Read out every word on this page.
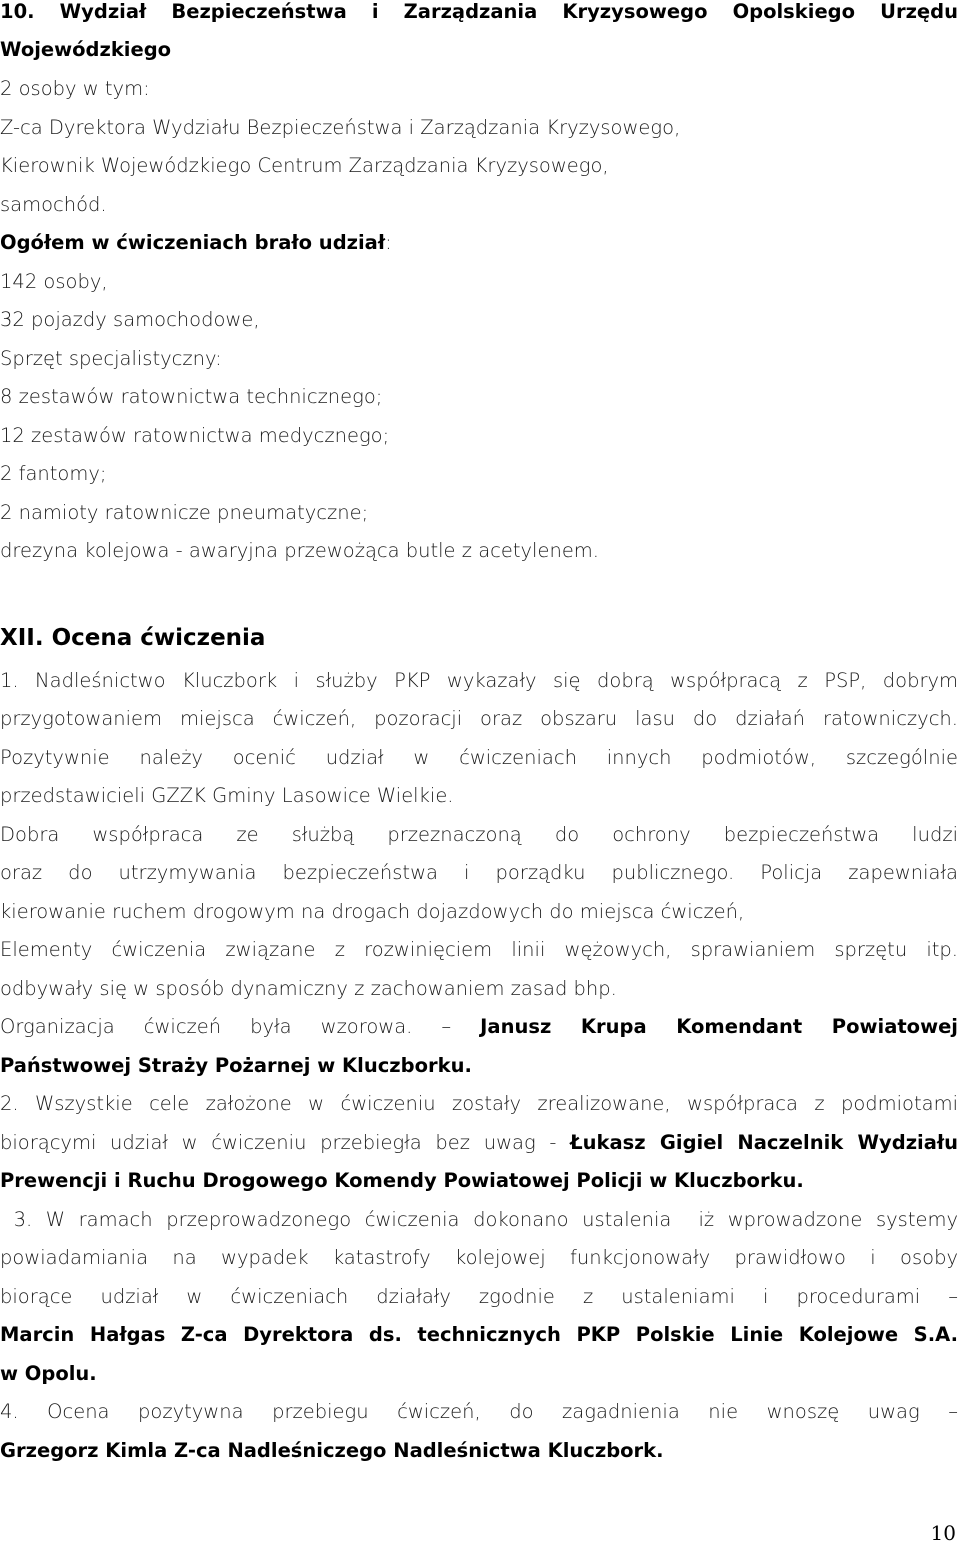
10. Wydział Bezpieczeństwa i Zarządzania Kryzysowego Opolskiego Urzędu

Wojewódzkiego

2 osoby w tym:

Z-ca Dyrektora Wydziału Bezpieczeństwa i Zarządzania Kryzysowego,

Kierownik Wojewódzkiego Centrum Zarządzania Kryzysowego,

samochód.

Ogółem w ćwiczeniach brało udział:

142 osoby,

32 pojazdy samochodowe,

Sprzęt specjalistyczny:

8 zestawów ratownictwa technicznego;

12 zestawów ratownictwa medycznego;

2 fantomy;

2 namioty ratownicze pneumatyczne;

drezyna kolejowa - awaryjna przewożąca butle z acetylenem.

XII. Ocena ćwiczenia

1. Nadleśnictwo Kluczbork i służby PKP wykazały się dobrą współpracą z PSP, dobrym

przygotowaniem miejsca ćwiczeń, pozoracji oraz obszaru lasu do działań ratowniczych.

Pozytywnie należy ocenić udział w ćwiczeniach innych podmiotów, szczególnie

przedstawicieli GZZK Gminy Lasowice Wielkie.

Dobra współpraca ze służbą przeznaczoną do ochrony bezpieczeństwa ludzi

oraz do utrzymywania bezpieczeństwa i porządku publicznego. Policja zapewniała

kierowanie ruchem drogowym na drogach dojazdowych do miejsca ćwiczeń,

Elementy ćwiczenia związane z rozwinięciem linii wężowych, sprawianiem sprzętu itp.

odbywały się w sposób dynamiczny z zachowaniem zasad bhp.

Organizacja ćwiczeń była wzorowa. – Janusz Krupa Komendant Powiatowej

Państwowej Straży Pożarnej w Kluczborku.

2. Wszystkie cele założone w ćwiczeniu zostały zrealizowane, współpraca z podmiotami

biorącymi udział w ćwiczeniu przebiegła bez uwag - Łukasz Gigiel Naczelnik Wydziału

Prewencji i Ruchu Drogowego Komendy Powiatowej Policji w Kluczborku.

3. W ramach przeprowadzonego ćwiczenia dokonano ustalenia  iż wprowadzone systemy

powiadamiania na wypadek katastrofy kolejowej funkcjonowały prawidłowo i osoby

biorące udział w ćwiczeniach działały zgodnie z ustaleniami i procedurami –

Marcin Hałgas Z-ca Dyrektora ds. technicznych PKP Polskie Linie Kolejowe S.A.

w Opolu.

4. Ocena pozytywna przebiegu ćwiczeń, do zagadnienia nie wnoszę uwag –

Grzegorz Kimla Z-ca Nadleśniczego Nadleśnictwa Kluczbork.

10
